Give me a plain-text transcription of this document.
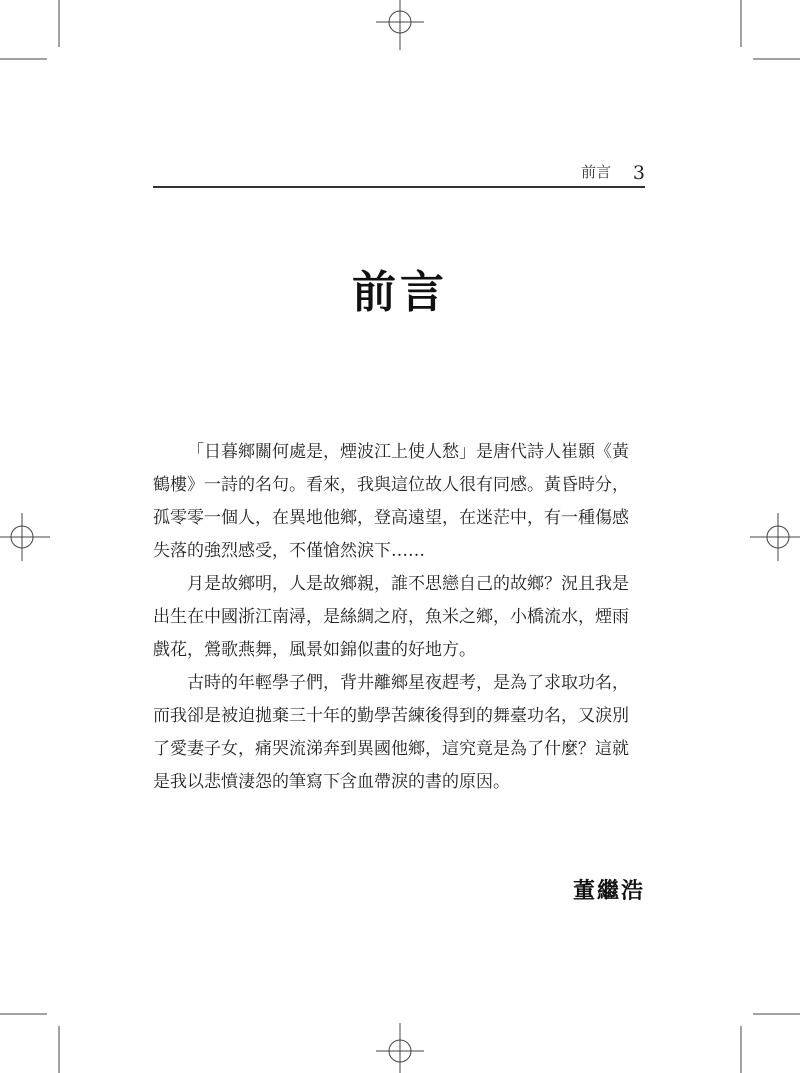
前言 3
前言

「日暮鄉關何處是，煙波江上使人愁」是唐代詩人崔顥《黃鶴樓》一詩的名句。看來，我與這位故人很有同感。黃昏時分，孤零零一個人，在異地他鄉，登高遠望，在迷茫中，有一種傷感失落的強烈感受，不僅愴然淚下……

月是故鄉明，人是故鄉親，誰不思戀自己的故鄉？況且我是出生在中國浙江南潯，是絲綢之府，魚米之鄉，小橋流水，煙雨戲花，鶯歌燕舞，風景如錦似畫的好地方。

古時的年輕學子們，背井離鄉星夜趕考，是為了求取功名，而我卻是被迫拋棄三十年的勤學苦練後得到的舞臺功名，又淚別了愛妻子女，痛哭流涕奔到異國他鄉，這究竟是為了什麼？這就是我以悲憤淒怨的筆寫下含血帶淚的書的原因。

董繼浩
